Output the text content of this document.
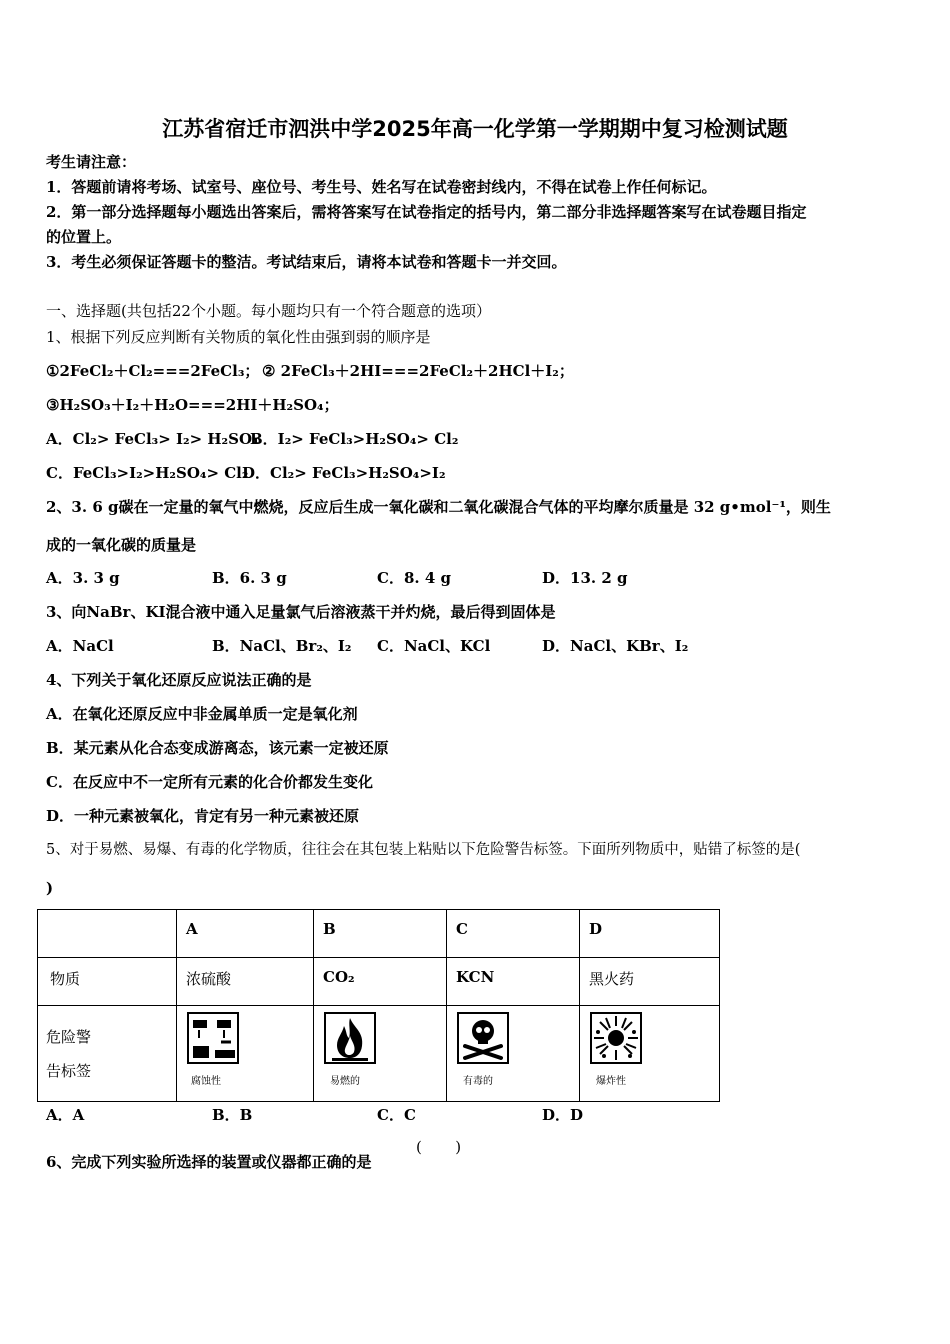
江苏省宿迁市泗洪中学2025年高一化学第一学期期中复习检测试题
考生请注意：
1．答题前请将考场、试室号、座位号、考生号、姓名写在试卷密封线内，不得在试卷上作任何标记。
2．第一部分选择题每小题选出答案后，需将答案写在试卷指定的括号内，第二部分非选择题答案写在试卷题目指定
的位置上。
3．考生必须保证答题卡的整洁。考试结束后，请将本试卷和答题卡一并交回。
一、选择题(共包括22个小题。每小题均只有一个符合题意的选项）
1、根据下列反应判断有关物质的氧化性由强到弱的顺序是
①2FeCl₂＋Cl₂===2FeCl₃； ② 2FeCl₃＋2HI===2FeCl₂＋2HCl＋I₂；
③H₂SO₃＋I₂＋H₂O===2HI＋H₂SO₄；
A．Cl₂> FeCl₃> I₂> H₂SO₄
B．I₂> FeCl₃>H₂SO₄> Cl₂
C．FeCl₃>I₂>H₂SO₄> Cl₂
D．Cl₂> FeCl₃>H₂SO₄>I₂
2、3. 6 g碳在一定量的氧气中燃烧，反应后生成一氧化碳和二氧化碳混合气体的平均摩尔质量是 32 g•mol⁻¹，则生
成的一氧化碳的质量是
A．3. 3 g	B．6. 3 g	C．8. 4 g	D．13. 2 g
3、向NaBr、KI混合液中通入足量氯气后溶液蒸干并灼烧，最后得到固体是
A．NaCl	B．NaCl、Br₂、I₂ C．NaCl、KCl	D．NaCl、KBr、I₂
4、下列关于氧化还原反应说法正确的是
A．在氧化还原反应中非金属单质一定是氧化剂
B．某元素从化合态变成游离态，该元素一定被还原
C．在反应中不一定所有元素的化合价都发生变化
D．一种元素被氧化，肯定有另一种元素被还原
5、对于易燃、易爆、有毒的化学物质，往往会在其包装上粘贴以下危险警告标签。下面所列物质中，贴错了标签的是(
)

	A	B	C	D

物质	浓硫酸	CO₂	KCN	黑火药

危险警
告标签	腐蚀性	易燃的	有毒的	爆炸性
A．A	B．B	C．C	D．D
6、完成下列实验所选择的装置或仪器都正确的是
(       )
